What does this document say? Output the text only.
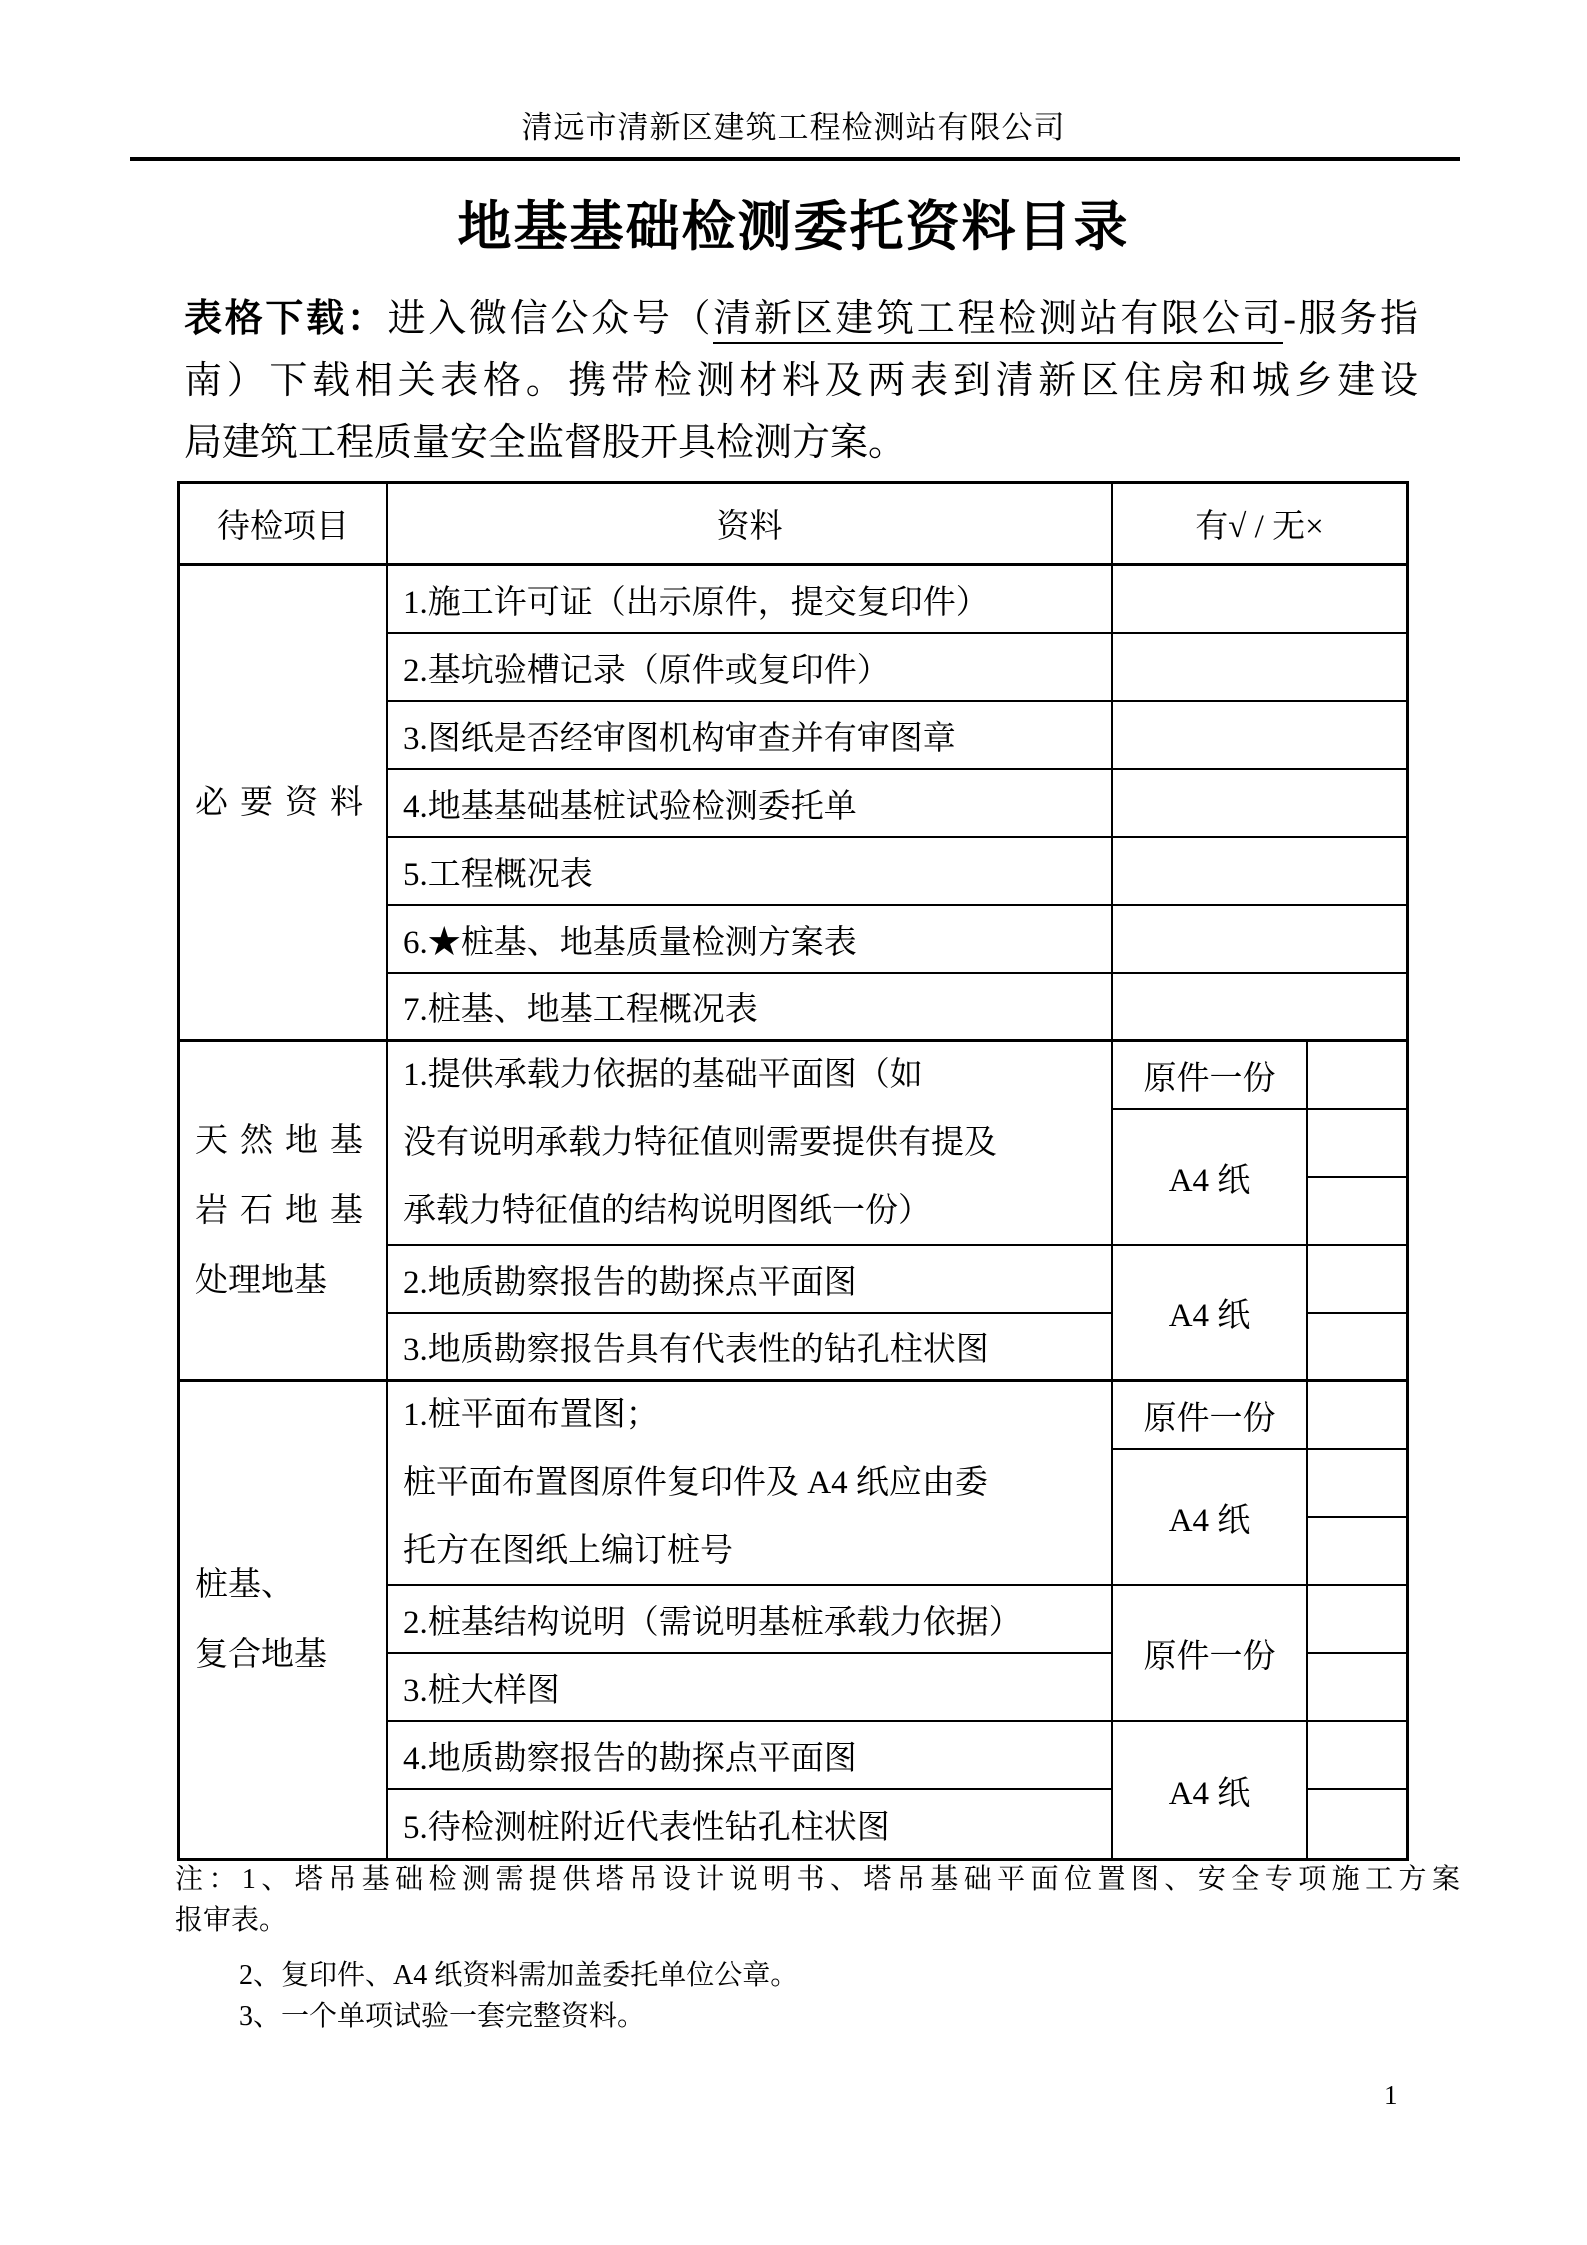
清远市清新区建筑工程检测站有限公司
地基基础检测委托资料目录
表格下载：进入微信公众号（清新区建筑工程检测站有限公司-服务指
南）下载相关表格。携带检测材料及两表到清新区住房和城乡建设
局建筑工程质量安全监督股开具检测方案。
待检项目	资料	有√ / 无×
必要资料
1.施工许可证（出示原件，提交复印件）
2.基坑验槽记录（原件或复印件）
3.图纸是否经审图机构审查并有审图章
4.地基基础基桩试验检测委托单
5.工程概况表
6.★桩基、地基质量检测方案表
7.桩基、地基工程概况表
天然地基
岩石地基
处理地基
1.提供承载力依据的基础平面图（如
没有说明承载力特征值则需要提供有提及
承载力特征值的结构说明图纸一份）
2.地质勘察报告的勘探点平面图
3.地质勘察报告具有代表性的钻孔柱状图
原件一份
A4 纸
A4 纸
桩基、
复合地基
1.桩平面布置图；
桩平面布置图原件复印件及 A4 纸应由委
托方在图纸上编订桩号
2.桩基结构说明（需说明基桩承载力依据）
3.桩大样图
4.地质勘察报告的勘探点平面图
5.待检测桩附近代表性钻孔柱状图
原件一份
A4 纸
原件一份
A4 纸
注：1、塔吊基础检测需提供塔吊设计说明书、塔吊基础平面位置图、安全专项施工方案
报审表。
2、复印件、A4 纸资料需加盖委托单位公章。
3、一个单项试验一套完整资料。
1
